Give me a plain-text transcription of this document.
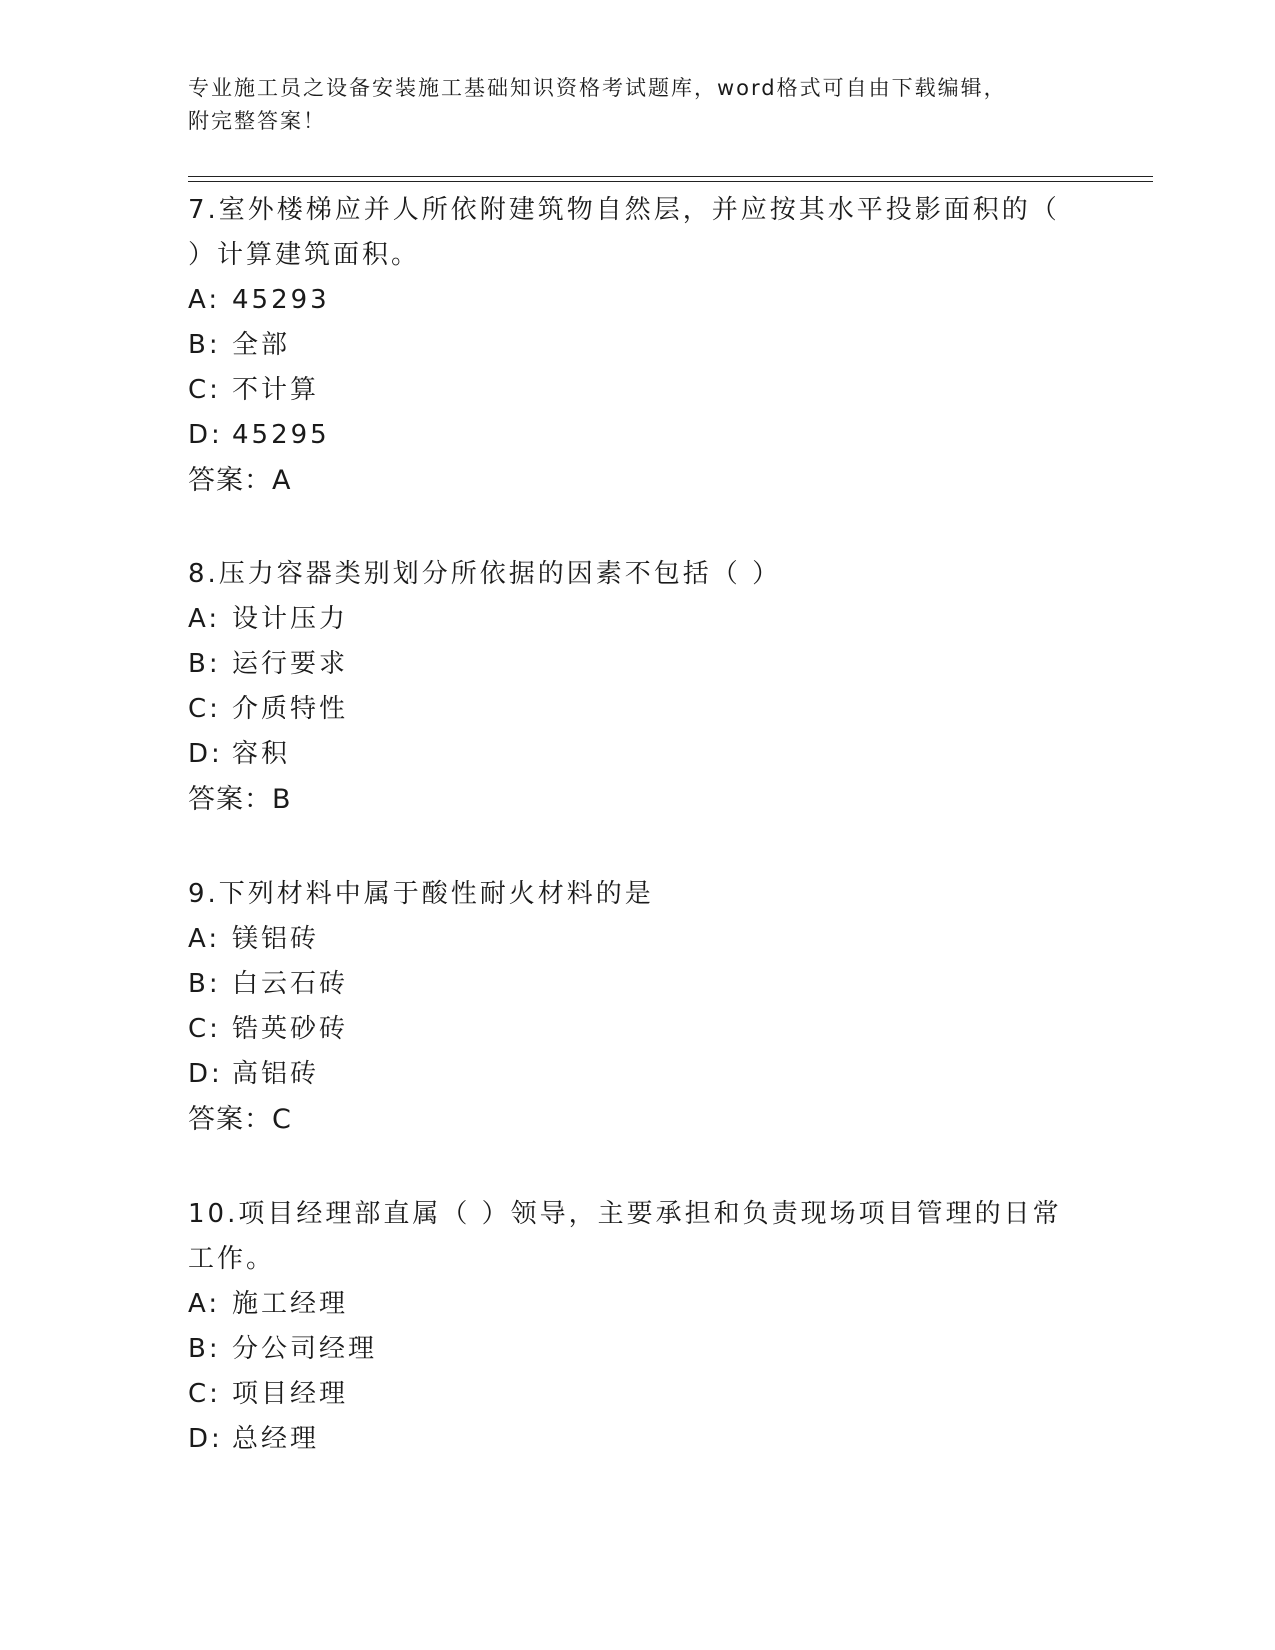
专业施工员之设备安装施工基础知识资格考试题库，word格式可自由下载编辑，
附完整答案！

7.室外楼梯应并人所依附建筑物自然层，并应按其水平投影面积的（

）计算建筑面积。

A: 45293

B: 全部

C: 不计算

D: 45295

答案：A

8.压力容器类别划分所依据的因素不包括（ ）

A: 设计压力

B: 运行要求

C: 介质特性

D: 容积

答案：B

9.下列材料中属于酸性耐火材料的是

A: 镁铝砖

B: 白云石砖

C: 锆英砂砖

D: 高铝砖

答案：C

10.项目经理部直属（ ）领导，主要承担和负责现场项目管理的日常

工作。

A: 施工经理

B: 分公司经理

C: 项目经理

D: 总经理
